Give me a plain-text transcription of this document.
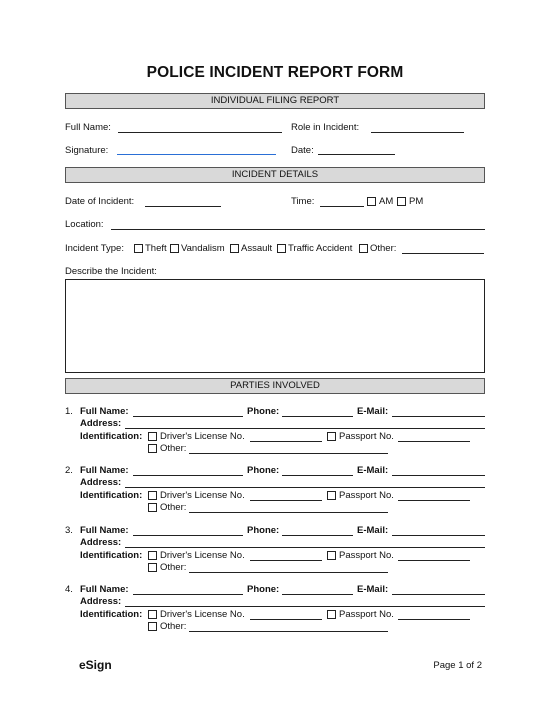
POLICE INCIDENT REPORT FORM
INDIVIDUAL FILING REPORT
Full Name:	Role in Incident:
Signature:	Date:
INCIDENT DETAILS
Date of Incident:	Time:	AM PM
Location:
Incident Type: Theft Vandalism Assault Traffic Accident Other:
Describe the Incident:
PARTIES INVOLVED
1. Full Name:	Phone:	E-Mail:
Address:
Identification: Driver's License No.	Passport No.
Other:
2. Full Name:	Phone:	E-Mail:
Address:
Identification: Driver's License No.	Passport No.
Other:
3. Full Name:	Phone:	E-Mail:
Address:
Identification: Driver's License No.	Passport No.
Other:
4. Full Name:	Phone:	E-Mail:
Address:
Identification: Driver's License No.	Passport No.
Other:
eSign	Page 1 of 2
